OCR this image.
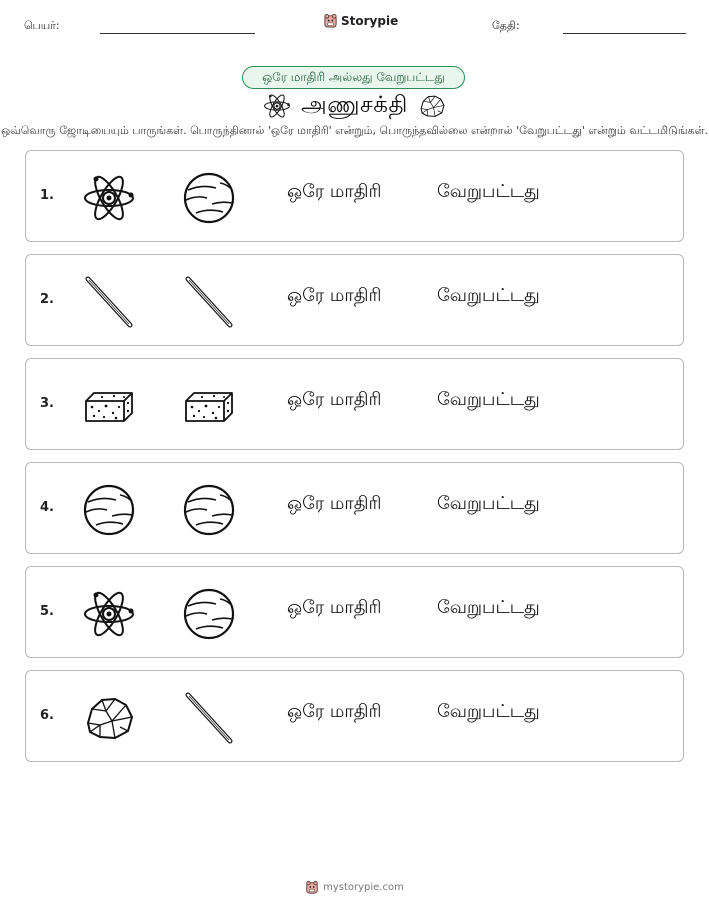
பெயர்:	Storypie	தேதி:
ஒரே மாதிரி அல்லது வேறுபட்டது
அணுசக்தி
ஒவ்வொரு ஜோடியையும் பாருங்கள். பொருந்தினால் 'ஒரே மாதிரி' என்றும், பொருந்தவில்லை என்றால் 'வேறுபட்டது' என்றும் வட்டமிடுங்கள்.
1.	ஒரே மாதிரி	வேறுபட்டது
2.	ஒரே மாதிரி	வேறுபட்டது
3.	ஒரே மாதிரி	வேறுபட்டது
4.	ஒரே மாதிரி	வேறுபட்டது
5.	ஒரே மாதிரி	வேறுபட்டது
6.	ஒரே மாதிரி	வேறுபட்டது
mystorypie.com
